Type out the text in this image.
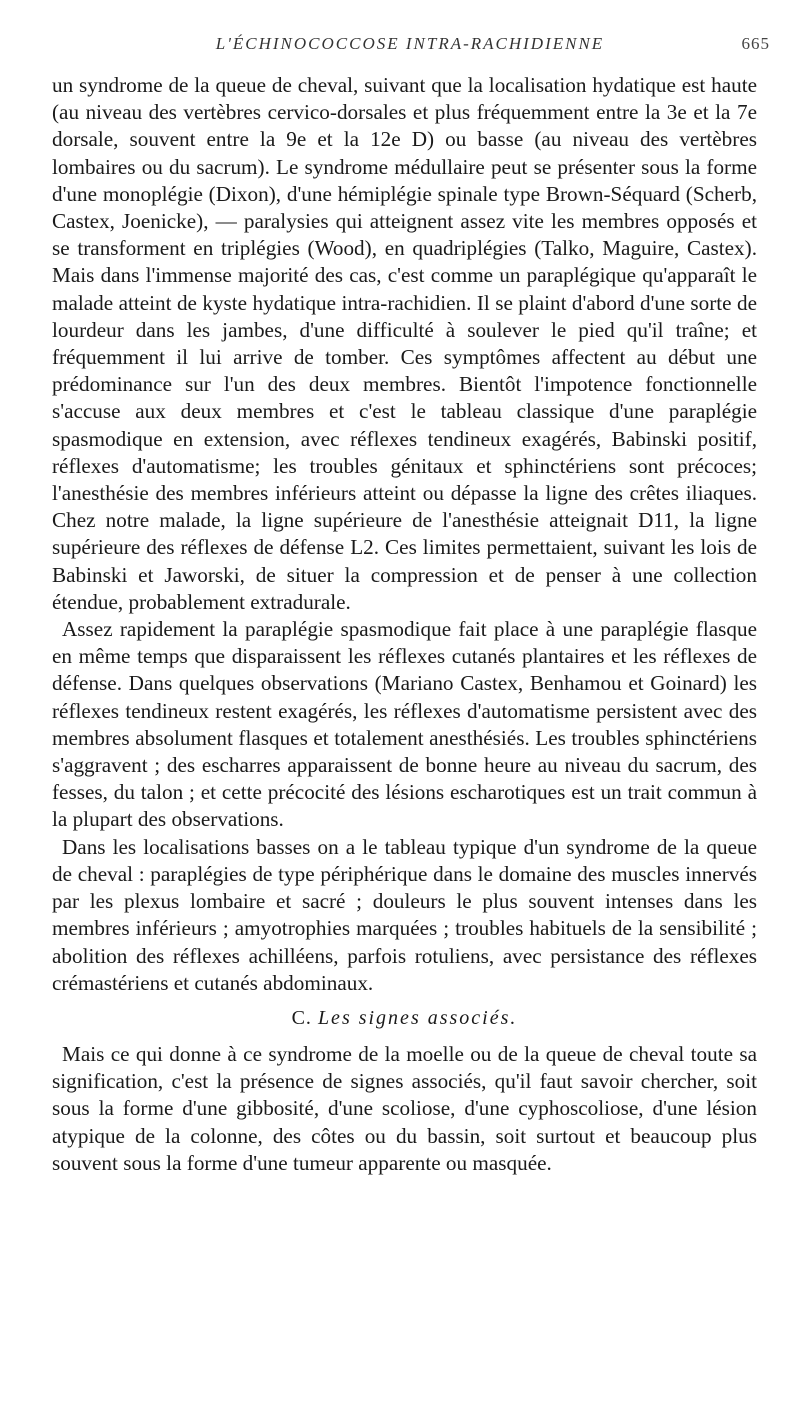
L'ÉCHINOCOCCOSE INTRA-RACHIDIENNE	665

un syndrome de la queue de cheval, suivant que la localisation hydatique est haute (au niveau des vertèbres cervico-dorsales et plus fréquemment entre la 3e et la 7e dorsale, souvent entre la 9e et la 12e D) ou basse (au niveau des vertèbres lombaires ou du sacrum). Le syndrome médullaire peut se présenter sous la forme d'une monoplégie (Dixon), d'une hémiplégie spinale type Brown-Séquard (Scherb, Castex, Joenicke), — paralysies qui atteignent assez vite les membres opposés et se transforment en triplégies (Wood), en quadriplégies (Talko, Maguire, Castex). Mais dans l'immense majorité des cas, c'est comme un paraplégique qu'apparaît le malade atteint de kyste hydatique intra-rachidien. Il se plaint d'abord d'une sorte de lourdeur dans les jambes, d'une difficulté à soulever le pied qu'il traîne; et fréquemment il lui arrive de tomber. Ces symptômes affectent au début une prédominance sur l'un des deux membres. Bientôt l'impotence fonctionnelle s'accuse aux deux membres et c'est le tableau classique d'une paraplégie spasmodique en extension, avec réflexes tendineux exagérés, Babinski positif, réflexes d'automatisme; les troubles génitaux et sphinctériens sont précoces; l'anesthésie des membres inférieurs atteint ou dépasse la ligne des crêtes iliaques. Chez notre malade, la ligne supérieure de l'anesthésie atteignait D11, la ligne supérieure des réflexes de défense L2. Ces limites permettaient, suivant les lois de Babinski et Jaworski, de situer la compression et de penser à une collection étendue, probablement extradurale.

Assez rapidement la paraplégie spasmodique fait place à une paraplégie flasque en même temps que disparaissent les réflexes cutanés plantaires et les réflexes de défense. Dans quelques observations (Mariano Castex, Benhamou et Goinard) les réflexes tendineux restent exagérés, les réflexes d'automatisme persistent avec des membres absolument flasques et totalement anesthésiés. Les troubles sphinctériens s'aggravent ; des escharres apparaissent de bonne heure au niveau du sacrum, des fesses, du talon ; et cette précocité des lésions escharotiques est un trait commun à la plupart des observations.

Dans les localisations basses on a le tableau typique d'un syndrome de la queue de cheval : paraplégies de type périphérique dans le domaine des muscles innervés par les plexus lombaire et sacré ; douleurs le plus souvent intenses dans les membres inférieurs ; amyotrophies marquées ; troubles habituels de la sensibilité ; abolition des réflexes achilléens, parfois rotuliens, avec persistance des réflexes crémastériens et cutanés abdominaux.

C. Les signes associés.

Mais ce qui donne à ce syndrome de la moelle ou de la queue de cheval toute sa signification, c'est la présence de signes associés, qu'il faut savoir chercher, soit sous la forme d'une gibbosité, d'une scoliose, d'une cyphoscoliose, d'une lésion atypique de la colonne, des côtes ou du bassin, soit surtout et beaucoup plus souvent sous la forme d'une tumeur apparente ou masquée.
